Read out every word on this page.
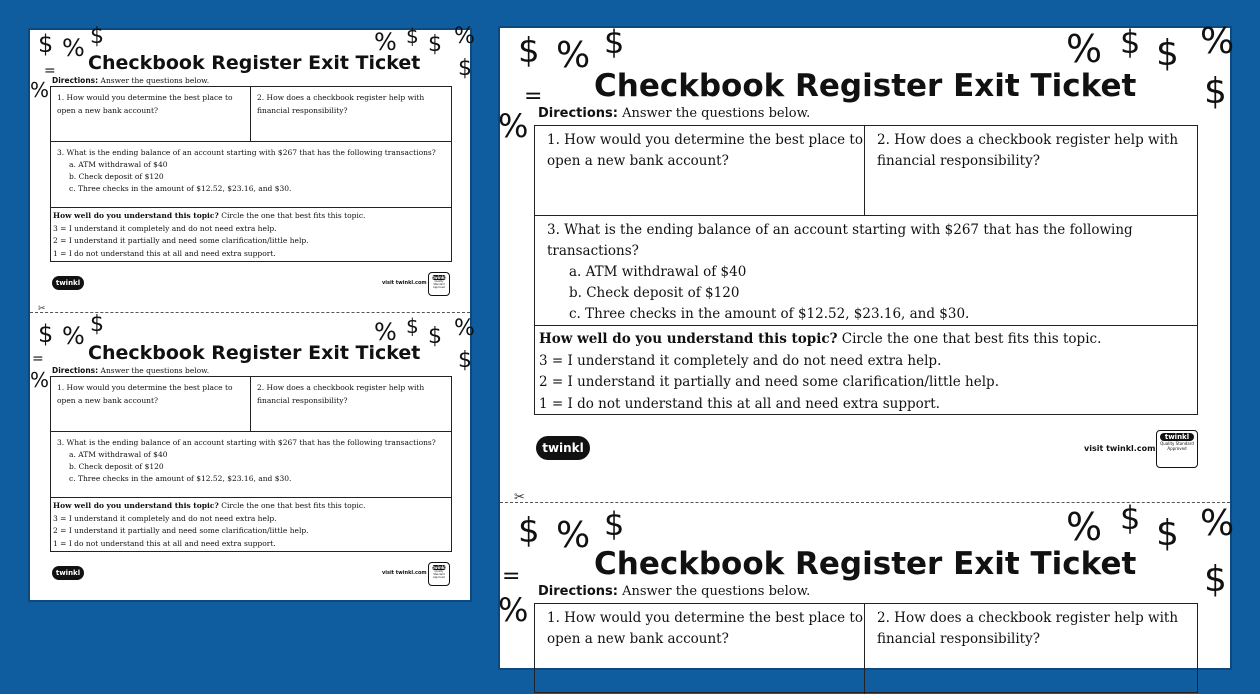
$ % $
=
%
% $ $ %
$
Checkbook Register Exit Ticket
Directions: Answer the questions below.
1. How would you determine the best place to open a new bank account?
2. How does a checkbook register help with financial responsibility?
3. What is the ending balance of an account starting with $267 that has the following transactions?
a. ATM withdrawal of $40
b. Check deposit of $120
c. Three checks in the amount of $12.52, $23.16, and $30.
How well do you understand this topic? Circle the one that best fits this topic.
3 = I understand it completely and do not need extra help.
2 = I understand it partially and need some clarification/little help.
1 = I do not understand this at all and need extra support.
twinkl	visit twinkl.com
twinkl
Quality Standard Approved
✂
$ % $
=
%
% $ $ %
$
Checkbook Register Exit Ticket
Directions: Answer the questions below.
1. How would you determine the best place to open a new bank account?
2. How does a checkbook register help with financial responsibility?
3. What is the ending balance of an account starting with $267 that has the following transactions?
a. ATM withdrawal of $40
b. Check deposit of $120
c. Three checks in the amount of $12.52, $23.16, and $30.
How well do you understand this topic? Circle the one that best fits this topic.
3 = I understand it completely and do not need extra help.
2 = I understand it partially and need some clarification/little help.
1 = I do not understand this at all and need extra support.
twinkl	visit twinkl.com
twinkl
Quality Standard Approved
$ % $
=
%
% $ $ %
$
Checkbook Register Exit Ticket
Directions: Answer the questions below.
1. How would you determine the best place to open a new bank account?
2. How does a checkbook register help with financial responsibility?
3. What is the ending balance of an account starting with $267 that has the following transactions?
a. ATM withdrawal of $40
b. Check deposit of $120
c. Three checks in the amount of $12.52, $23.16, and $30.
How well do you understand this topic? Circle the one that best fits this topic.
3 = I understand it completely and do not need extra help.
2 = I understand it partially and need some clarification/little help.
1 = I do not understand this at all and need extra support.
twinkl	visit twinkl.com
twinkl
Quality Standard Approved
✂
$ % $
=
%
% $ $ %
$
Checkbook Register Exit Ticket
Directions: Answer the questions below.
1. How would you determine the best place to open a new bank account?
2. How does a checkbook register help with financial responsibility?
